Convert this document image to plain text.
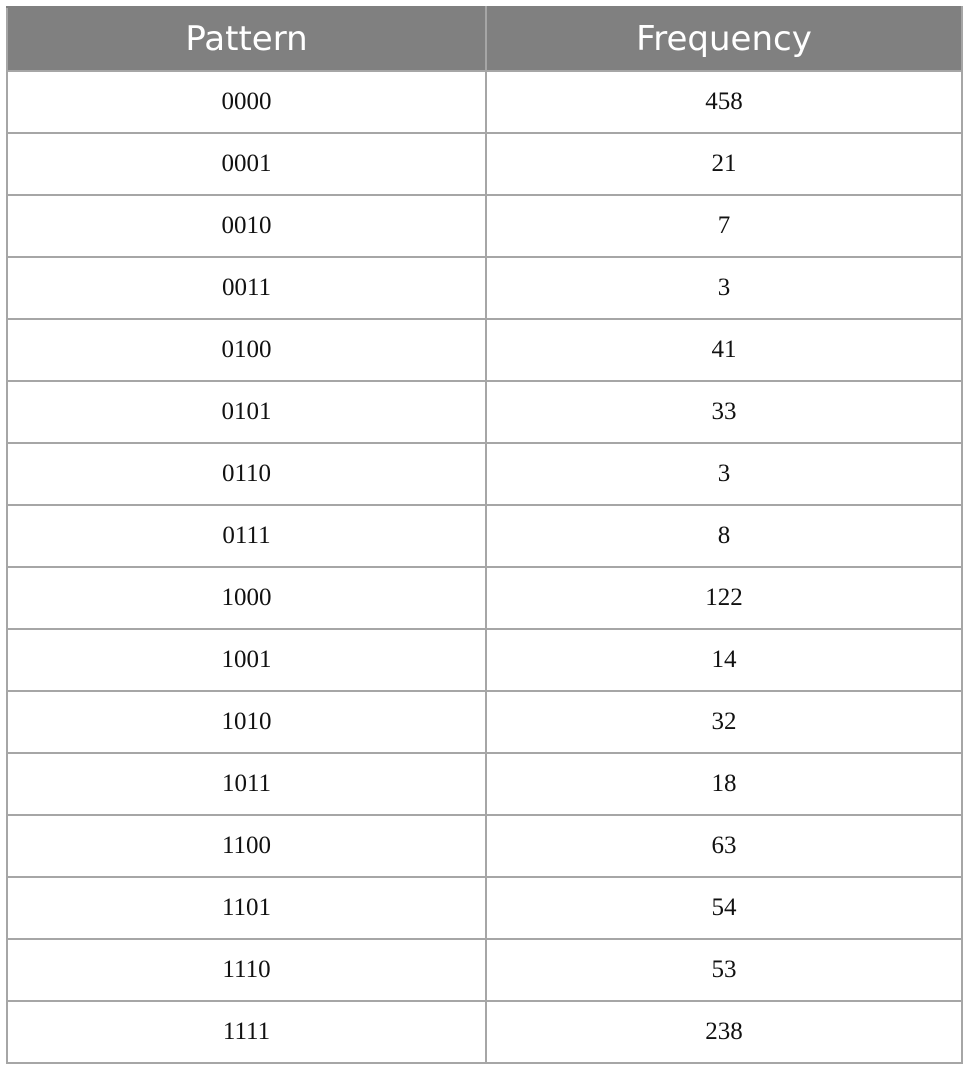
Pattern	Frequency
0000	458
0001	21
0010	7
0011	3
0100	41
0101	33
0110	3
0111	8
1000	122
1001	14
1010	32
1011	18
1100	63
1101	54
1110	53
1111	238
